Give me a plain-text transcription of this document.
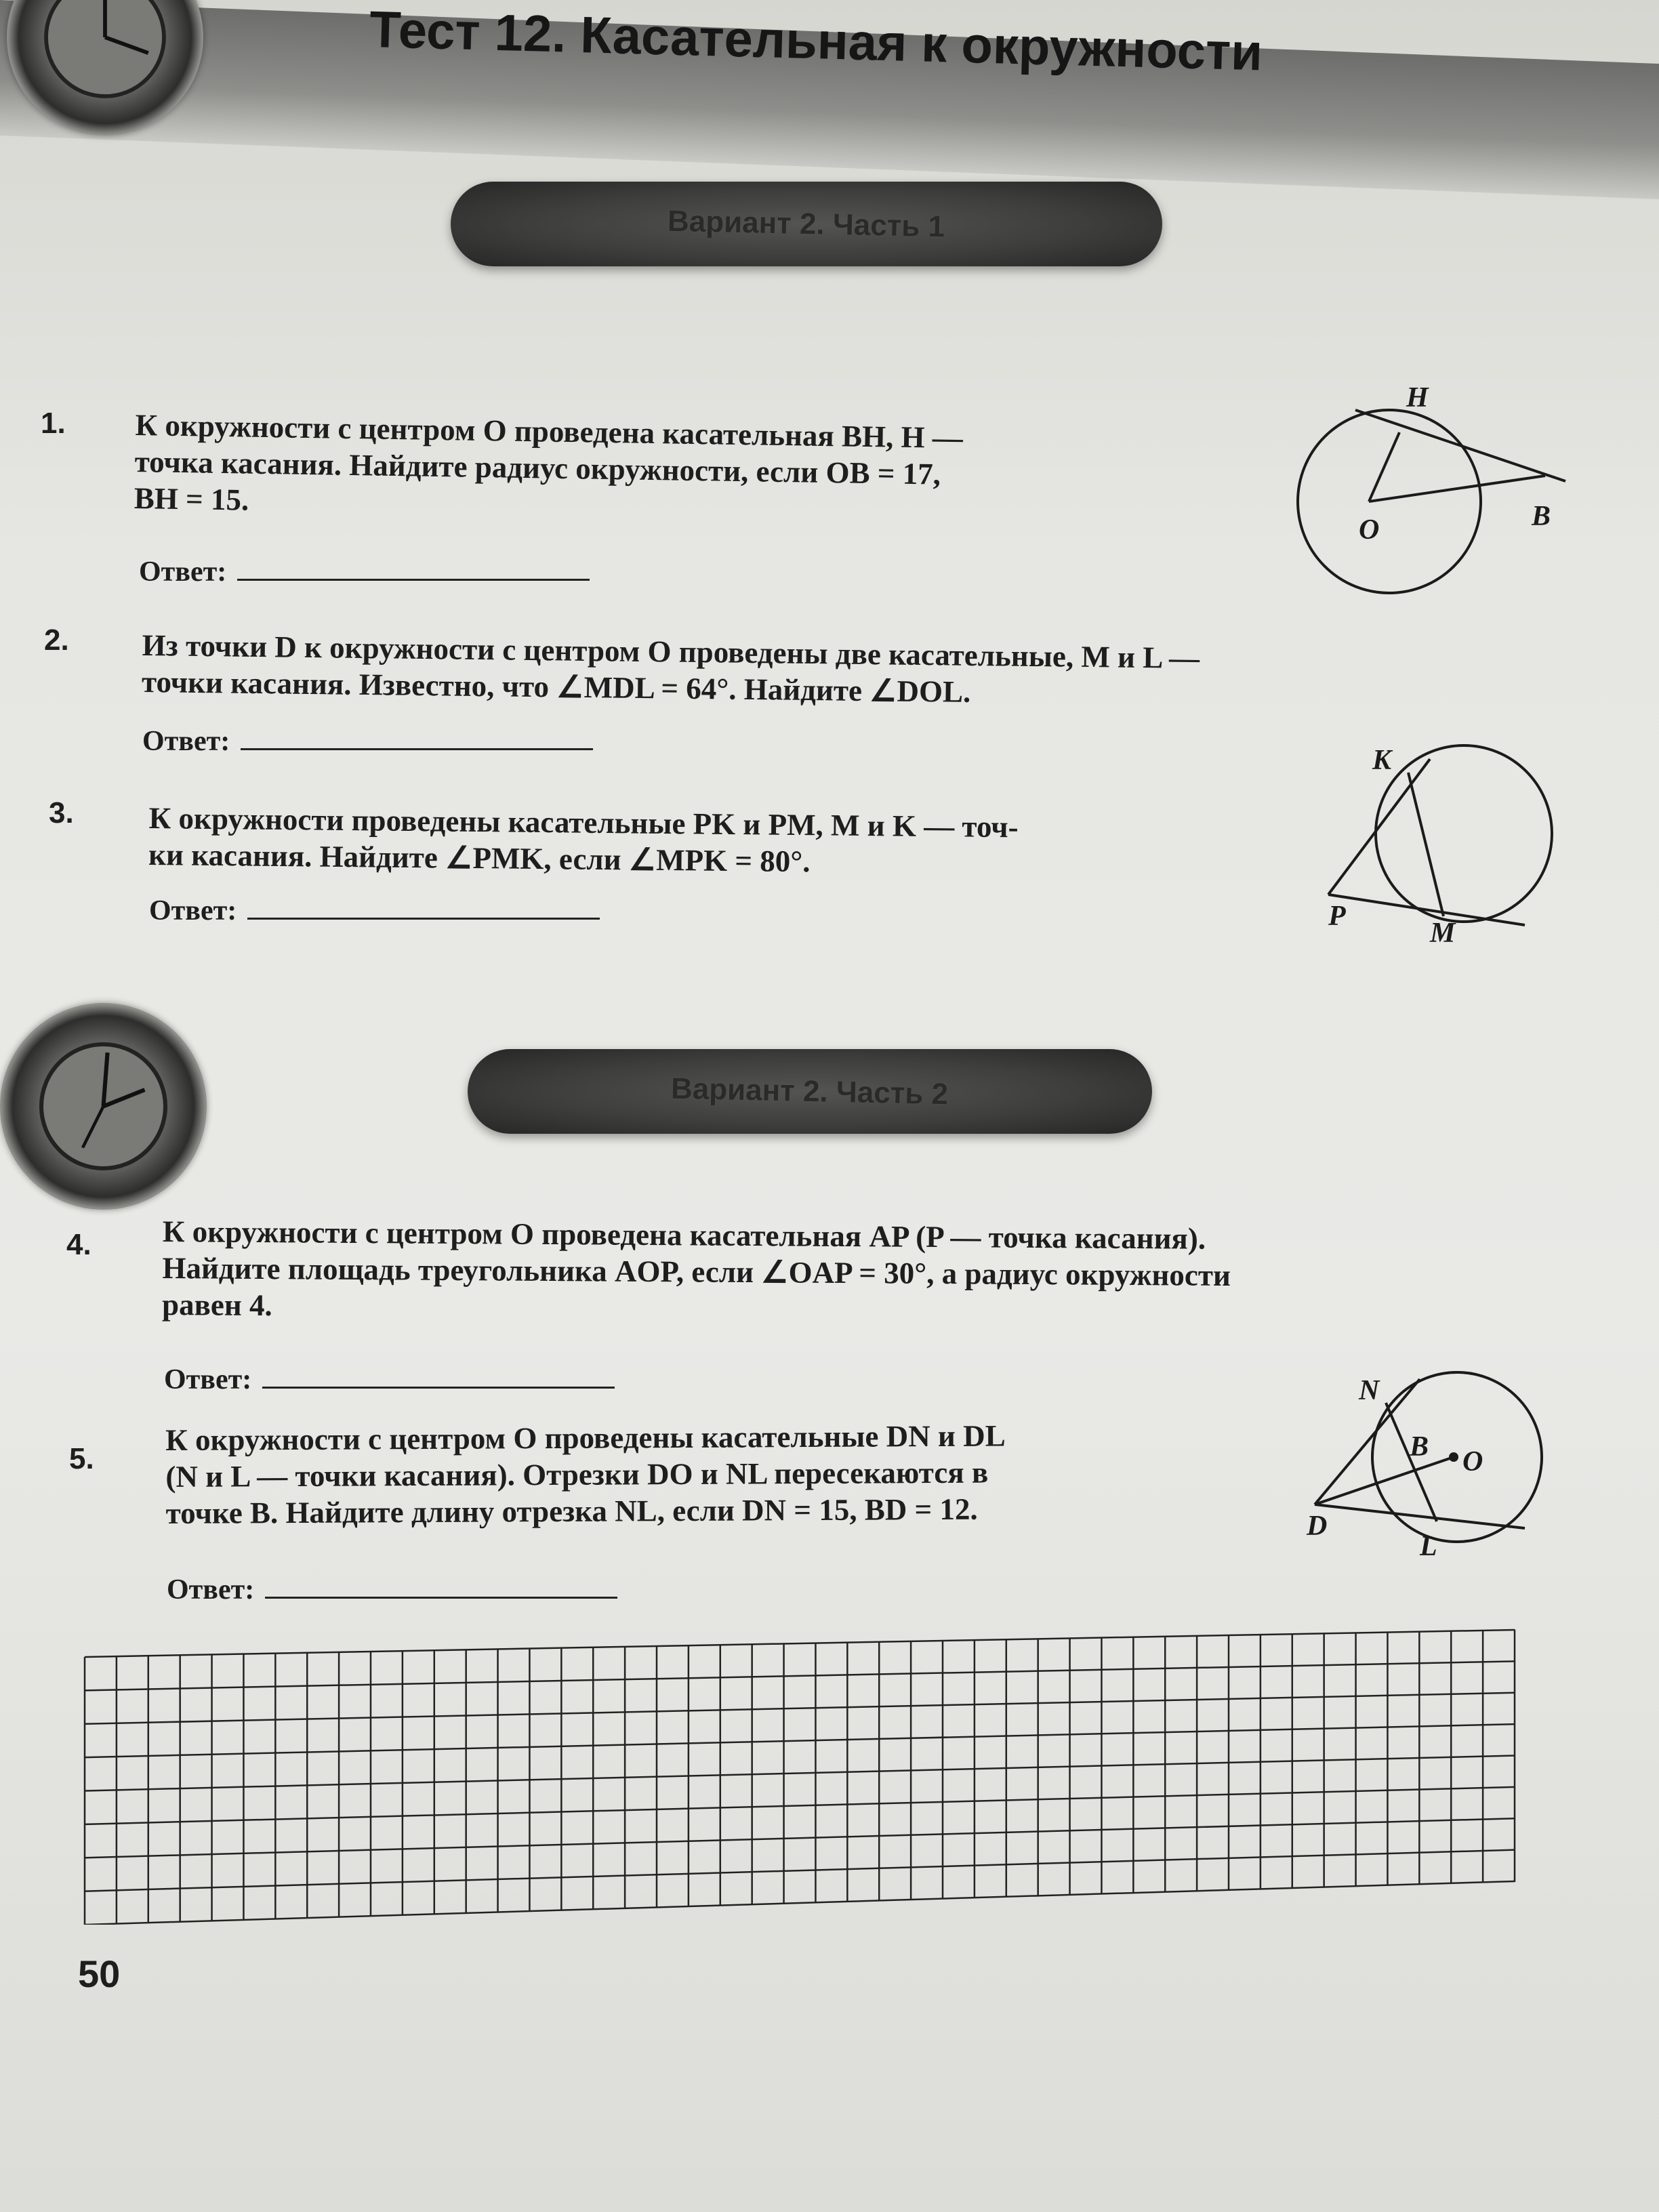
Тест 12. Касательная к окружности
Вариант 2. Часть 1
1. К окружности с центром O проведена касательная BH, H —
точка касания. Найдите радиус окружности, если OB = 17,
BH = 15.
Ответ:
H
O	B
2. Из точки D к окружности с центром O проведены две касательные, M и L —
точки касания. Известно, что ∠MDL = 64°. Найдите ∠DOL.
Ответ:
3. К окружности проведены касательные PK и PM, M и K — точ-
ки касания. Найдите ∠PMK, если ∠MPK = 80°.
Ответ:
K
P
M
Вариант 2. Часть 2
4. К окружности с центром O проведена касательная AP (P — точка касания).
Найдите площадь треугольника AOP, если ∠OAP = 30°, а радиус окружности
равен 4.
Ответ:
5.
К окружности с центром O проведены касательные DN и DL
(N и L — точки касания). Отрезки DO и NL пересекаются в
точке B. Найдите длину отрезка NL, если DN = 15, BD = 12.
Ответ:
N
B O
D
L
50
